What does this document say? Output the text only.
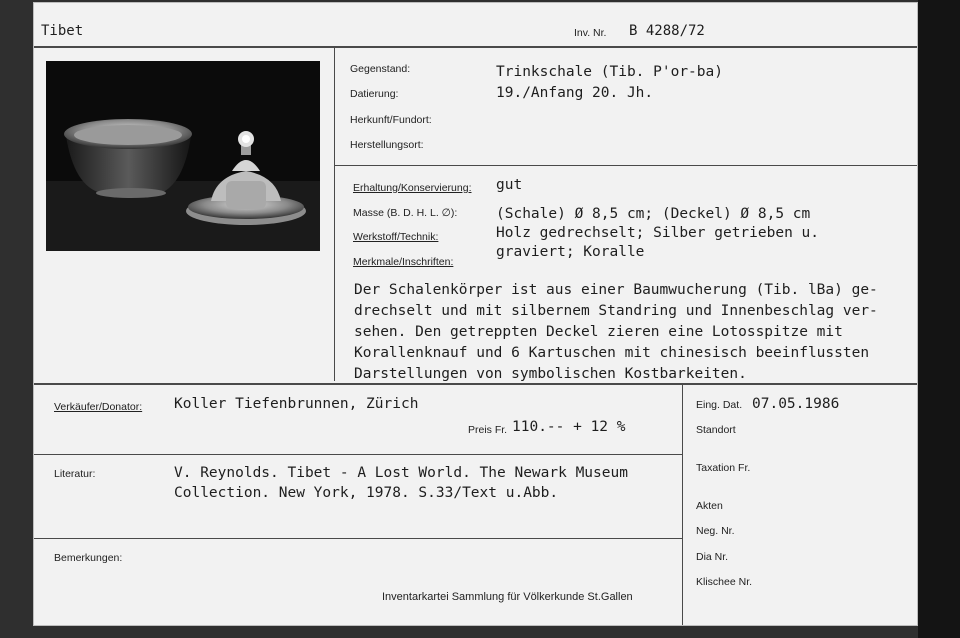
Tibet	Inv. Nr. B 4288/72
Gegenstand:	Trinkschale (Tib. P'or-ba)
Datierung:	19./Anfang 20. Jh.
Herkunft/Fundort:
Herstellungsort:
Erhaltung/Konservierung: gut
Masse (B. D. H. L. ∅):	(Schale) Ø 8,5 cm; (Deckel) Ø 8,5 cm
Werkstoff/Technik:	Holz gedrechselt; Silber getrieben u.
graviert; Koralle
Merkmale/Inschriften:
Der Schalenkörper ist aus einer Baumwucherung (Tib. lBa) ge-
drechselt und mit silbernem Standring und Innenbeschlag ver-
sehen. Den getreppten Deckel zieren eine Lotosspitze mit
Korallenknauf und 6 Kartuschen mit chinesisch beeinflussten
Darstellungen von symbolischen Kostbarkeiten.
Eing. Dat. 07.05.1986
Standort
Taxation Fr.
Akten
Neg. Nr.
Dia Nr.
Klischee Nr.
Verkäufer/Donator: Koller Tiefenbrunnen, Zürich
Preis Fr. 110.-- + 12 %
Literatur:	V. Reynolds. Tibet - A Lost World. The Newark Museum
Collection. New York, 1978. S.33/Text u.Abb.
Bemerkungen:
Inventarkartei Sammlung für Völkerkunde St.Gallen
